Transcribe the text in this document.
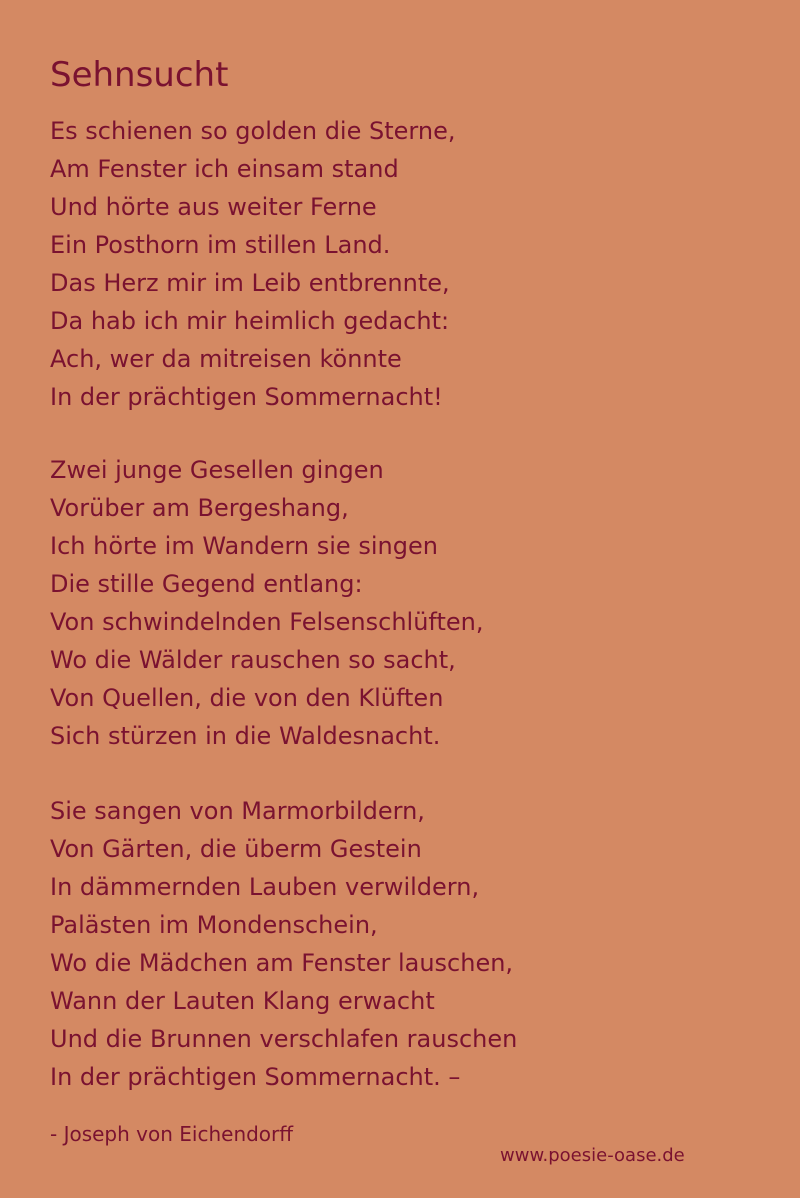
Sehnsucht
Es schienen so golden die Sterne,
Am Fenster ich einsam stand
Und hörte aus weiter Ferne
Ein Posthorn im stillen Land.
Das Herz mir im Leib entbrennte,
Da hab ich mir heimlich gedacht:
Ach, wer da mitreisen könnte
In der prächtigen Sommernacht!
Zwei junge Gesellen gingen
Vorüber am Bergeshang,
Ich hörte im Wandern sie singen
Die stille Gegend entlang:
Von schwindelnden Felsenschlüften,
Wo die Wälder rauschen so sacht,
Von Quellen, die von den Klüften
Sich stürzen in die Waldesnacht.
Sie sangen von Marmorbildern,
Von Gärten, die überm Gestein
In dämmernden Lauben verwildern,
Palästen im Mondenschein,
Wo die Mädchen am Fenster lauschen,
Wann der Lauten Klang erwacht
Und die Brunnen verschlafen rauschen
In der prächtigen Sommernacht. –
- Joseph von Eichendorff
www.poesie-oase.de
